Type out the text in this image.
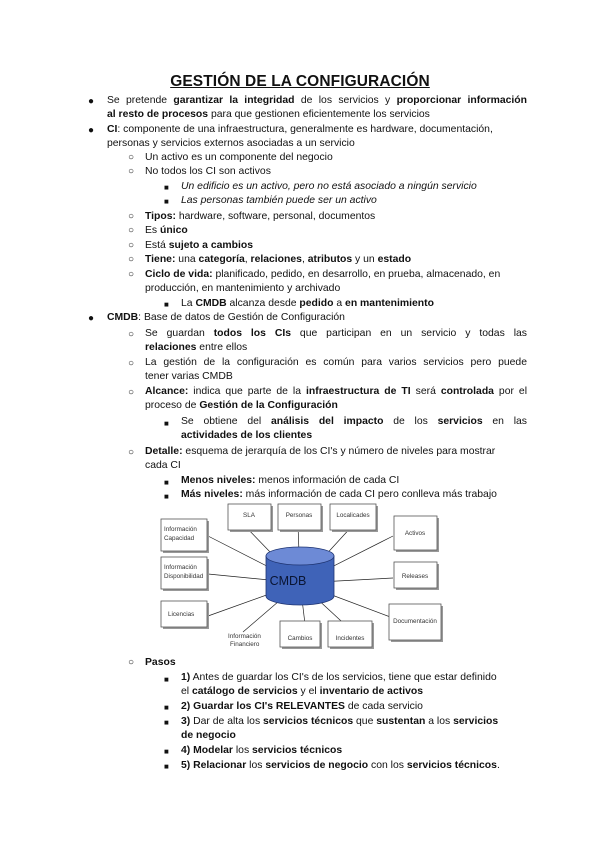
GESTIÓN DE LA CONFIGURACIÓN
● Se pretende garantizar la integridad de los servicios y proporcionar información
al resto de procesos para que gestionen eficientemente los servicios
● CI: componente de una infraestructura, generalmente es hardware, documentación,
personas y servicios externos asociadas a un servicio
○ Un activo es un componente del negocio
○ No todos los CI son activos
■ Un edificio es un activo, pero no está asociado a ningún servicio
■ Las personas también puede ser un activo
○ Tipos: hardware, software, personal, documentos
○ Es único
○ Está sujeto a cambios
○ Tiene: una categoría, relaciones, atributos y un estado
○ Ciclo de vida: planificado, pedido, en desarrollo, en prueba, almacenado, en
producción, en mantenimiento y archivado
■ La CMDB alcanza desde pedido a en mantenimiento
● CMDB: Base de datos de Gestión de Configuración
○ Se guardan todos los CIs que participan en un servicio y todas las
relaciones entre ellos
○ La gestión de la configuración es común para varios servicios pero puede
tener varias CMDB
○ Alcance: indica que parte de la infraestructura de TI será controlada por el
proceso de Gestión de la Configuración
■ Se obtiene del análisis del impacto de los servicios en las
actividades de los clientes
○ Detalle: esquema de jerarquía de los CI's y número de niveles para mostrar
cada CI
■ Menos niveles: menos información de cada CI
■ Más niveles: más información de cada CI pero conlleva más trabajo
SLA	Personas	Localicades
Información
Capacidad
Información
Disponibilidad
Licencias
Activos
Releases
Documentación
Cambios	Incidentes
Información
Financiero
CMDB
○ Pasos
■ 1) Antes de guardar los CI's de los servicios, tiene que estar definido
el catálogo de servicios y el inventario de activos
■ 2) Guardar los CI's RELEVANTES de cada servicio
■ 3) Dar de alta los servicios técnicos que sustentan a los servicios
de negocio
■ 4) Modelar los servicios técnicos
■ 5) Relacionar los servicios de negocio con los servicios técnicos.
